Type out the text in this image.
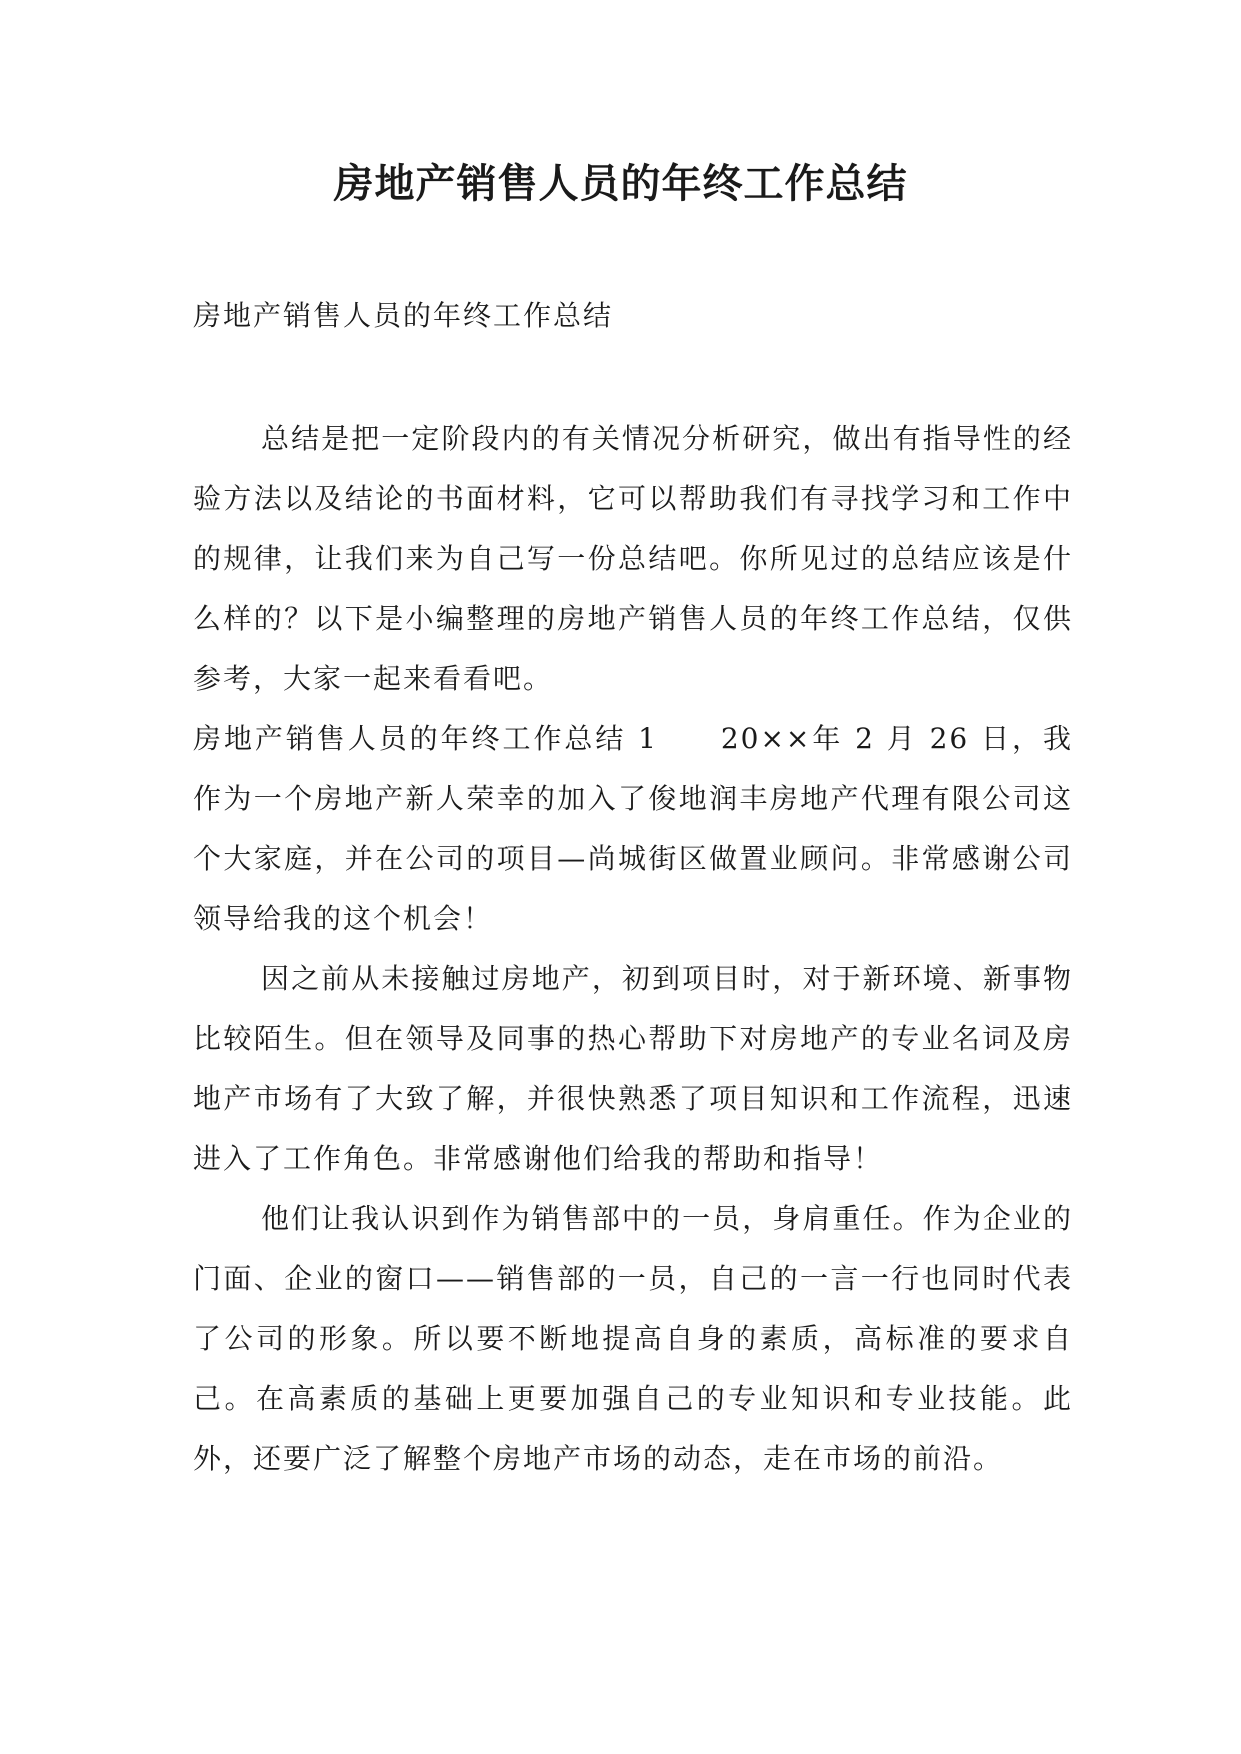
房地产销售人员的年终工作总结

房地产销售人员的年终工作总结

总结是把一定阶段内的有关情况分析研究，做出有指导性的经验方法以及结论的书面材料，它可以帮助我们有寻找学习和工作中的规律，让我们来为自己写一份总结吧。你所见过的总结应该是什么样的？以下是小编整理的房地产销售人员的年终工作总结，仅供参考，大家一起来看看吧。

房地产销售人员的年终工作总结 1　　20××年 2 月 26 日，我作为一个房地产新人荣幸的加入了俊地润丰房地产代理有限公司这个大家庭，并在公司的项目—尚城街区做置业顾问。非常感谢公司领导给我的这个机会！

因之前从未接触过房地产，初到项目时，对于新环境、新事物比较陌生。但在领导及同事的热心帮助下对房地产的专业名词及房地产市场有了大致了解，并很快熟悉了项目知识和工作流程，迅速进入了工作角色。非常感谢他们给我的帮助和指导！

他们让我认识到作为销售部中的一员，身肩重任。作为企业的门面、企业的窗口——销售部的一员，自己的一言一行也同时代表了公司的形象。所以要不断地提高自身的素质，高标准的要求自己。在高素质的基础上更要加强自己的专业知识和专业技能。此外，还要广泛了解整个房地产市场的动态，走在市场的前沿。
